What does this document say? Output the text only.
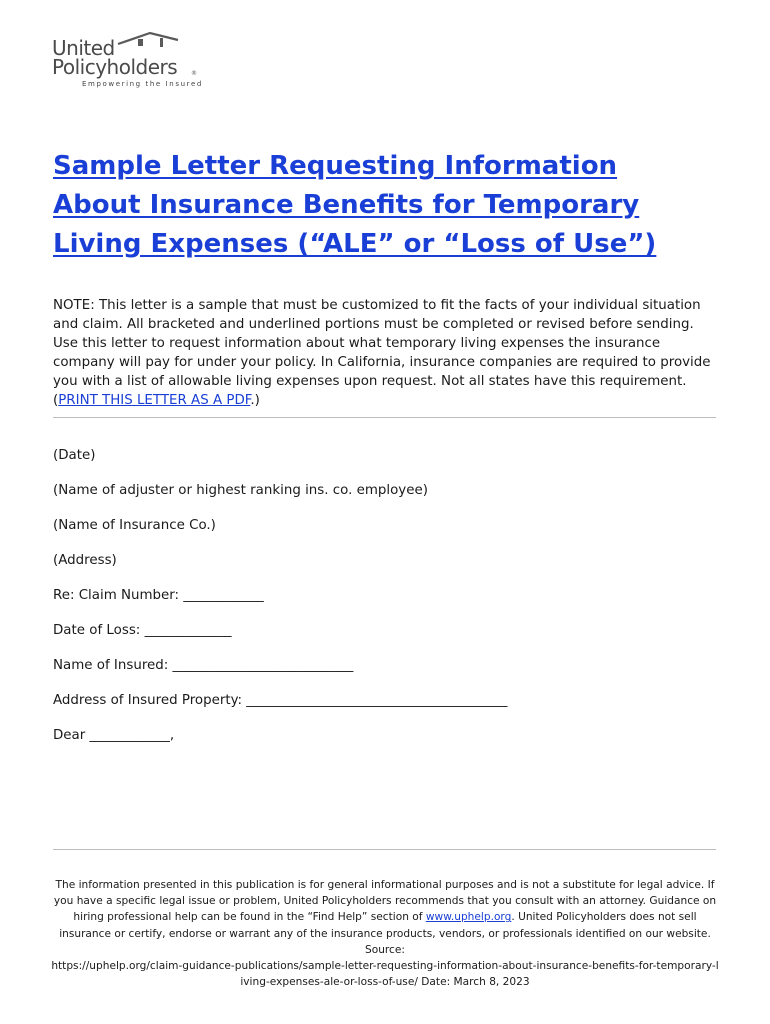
United
Policyholders ®
Empowering the Insured
Sample Letter Requesting Information About Insurance Benefits for Temporary Living Expenses (“ALE” or “Loss of Use”)

NOTE: This letter is a sample that must be customized to fit the facts of your individual situation and claim. All bracketed and underlined portions must be completed or revised before sending. Use this letter to request information about what temporary living expenses the insurance company will pay for under your policy. In California, insurance companies are required to provide you with a list of allowable living expenses upon request. Not all states have this requirement. (PRINT THIS LETTER AS A PDF.)

(Date)
(Name of adjuster or highest ranking ins. co. employee)
(Name of Insurance Co.)
(Address)
Re: Claim Number: ____________
Date of Loss: _____________
Name of Insured: ___________________________
Address of Insured Property: _______________________________________
Dear ____________,

The information presented in this publication is for general informational purposes and is not a substitute for legal advice. If you have a specific legal issue or problem, United Policyholders recommends that you consult with an attorney. Guidance on hiring professional help can be found in the “Find Help” section of www.uphelp.org. United Policyholders does not sell insurance or certify, endorse or warrant any of the insurance products, vendors, or professionals identified on our website.

Source:

https://uphelp.org/claim-guidance-publications/sample-letter-requesting-information-about-insurance-benefits-for-temporary-living-expenses-ale-or-loss-of-use/ Date: March 8, 2023
